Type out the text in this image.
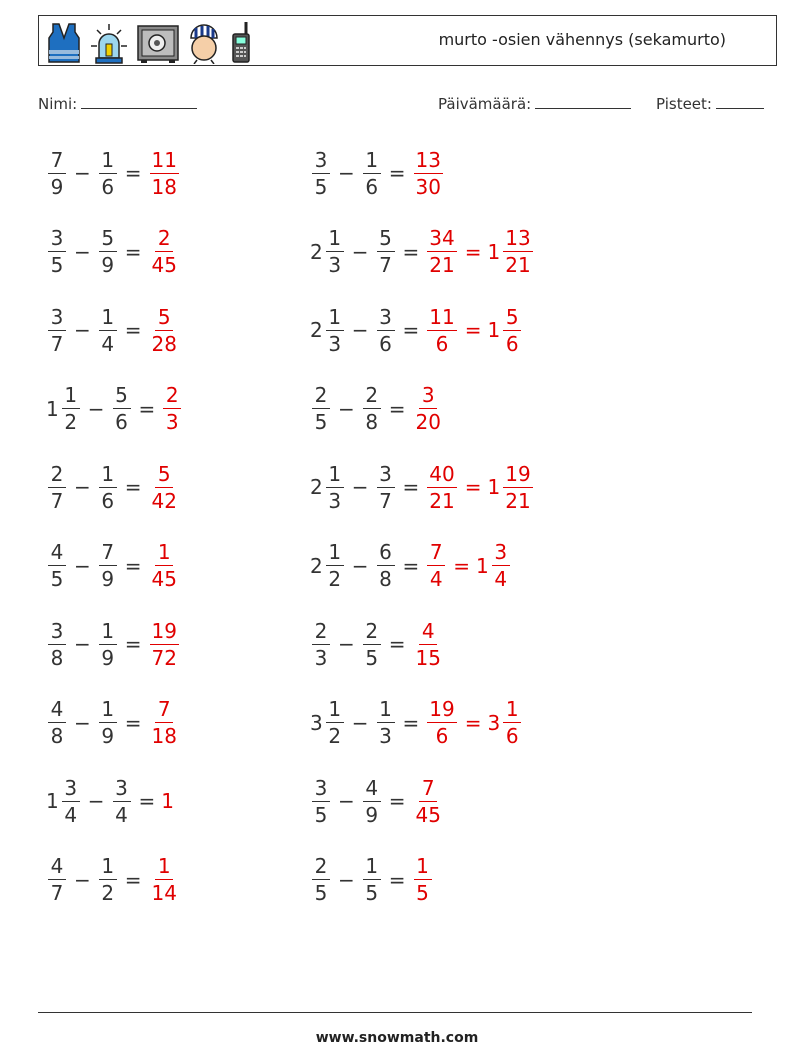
murto -osien vähennys (sekamurto)
Nimi:	Päivämäärä:	Pisteet:
$\frac{7}{9} - \frac{1}{6} = \frac{11}{18}$	$\frac{3}{5} - \frac{1}{6} = \frac{13}{30}$
$\frac{3}{5} - \frac{5}{9} = \frac{2}{45}$	$2 \frac{1}{3} - \frac{5}{7} = \frac{34}{21} = 1 \frac{13}{21}$
$\frac{3}{7} - \frac{1}{4} = \frac{5}{28}$	$2 \frac{1}{3} - \frac{3}{6} = \frac{11}{6} = 1 \frac{5}{6}$
$1 \frac{1}{2} - \frac{5}{6} = \frac{2}{3}$	$\frac{2}{5} - \frac{2}{8} = \frac{3}{20}$
$\frac{2}{7} - \frac{1}{6} = \frac{5}{42}$	$2 \frac{1}{3} - \frac{3}{7} = \frac{40}{21} = 1 \frac{19}{21}$
$\frac{4}{5} - \frac{7}{9} = \frac{1}{45}$	$2 \frac{1}{2} - \frac{6}{8} = \frac{7}{4} = 1 \frac{3}{4}$
$\frac{3}{8} - \frac{1}{9} = \frac{19}{72}$	$\frac{2}{3} - \frac{2}{5} = \frac{4}{15}$
$\frac{4}{8} - \frac{1}{9} = \frac{7}{18}$	$3 \frac{1}{2} - \frac{1}{3} = \frac{19}{6} = 3 \frac{1}{6}$
$1 \frac{3}{4} - \frac{3}{4} = 1$	$\frac{3}{5} - \frac{4}{9} = \frac{7}{45}$
$\frac{4}{7} - \frac{1}{2} = \frac{1}{14}$	$\frac{2}{5} - \frac{1}{5} = \frac{1}{5}$
www.snowmath.com
